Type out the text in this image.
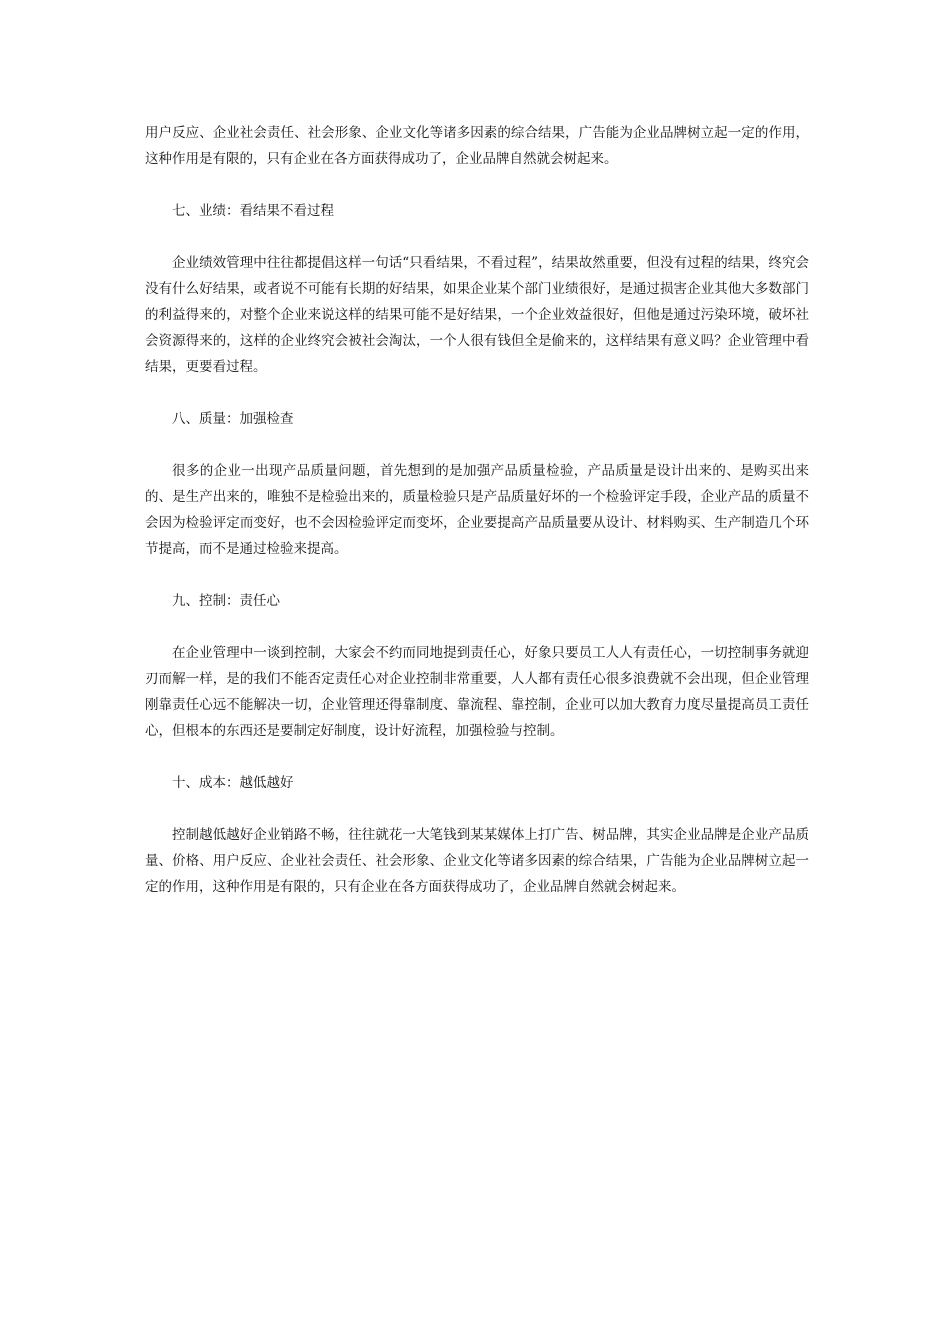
用户反应、企业社会责任、社会形象、企业文化等诸多因素的综合结果，广告能为企业品牌树立起一定的作用，这种作用是有限的，只有企业在各方面获得成功了，企业品牌自然就会树起来。

七、业绩：看结果不看过程

企业绩效管理中往往都提倡这样一句话“只看结果，不看过程”，结果故然重要，但没有过程的结果，终究会没有什么好结果，或者说不可能有长期的好结果，如果企业某个部门业绩很好，是通过损害企业其他大多数部门的利益得来的，对整个企业来说这样的结果可能不是好结果，一个企业效益很好，但他是通过污染环境，破坏社会资源得来的，这样的企业终究会被社会淘汰，一个人很有钱但全是偷来的，这样结果有意义吗？企业管理中看结果，更要看过程。

八、质量：加强检查

很多的企业一出现产品质量问题，首先想到的是加强产品质量检验，产品质量是设计出来的、是购买出来的、是生产出来的，唯独不是检验出来的，质量检验只是产品质量好坏的一个检验评定手段，企业产品的质量不会因为检验评定而变好，也不会因检验评定而变坏，企业要提高产品质量要从设计、材料购买、生产制造几个环节提高，而不是通过检验来提高。

九、控制：责任心

在企业管理中一谈到控制，大家会不约而同地提到责任心，好象只要员工人人有责任心，一切控制事务就迎刃而解一样，是的我们不能否定责任心对企业控制非常重要，人人都有责任心很多浪费就不会出现，但企业管理刚靠责任心远不能解决一切，企业管理还得靠制度、靠流程、靠控制，企业可以加大教育力度尽量提高员工责任心，但根本的东西还是要制定好制度，设计好流程，加强检验与控制。

十、成本：越低越好

控制越低越好企业销路不畅，往往就花一大笔钱到某某媒体上打广告、树品牌，其实企业品牌是企业产品质量、价格、用户反应、企业社会责任、社会形象、企业文化等诸多因素的综合结果，广告能为企业品牌树立起一定的作用，这种作用是有限的，只有企业在各方面获得成功了，企业品牌自然就会树起来。
